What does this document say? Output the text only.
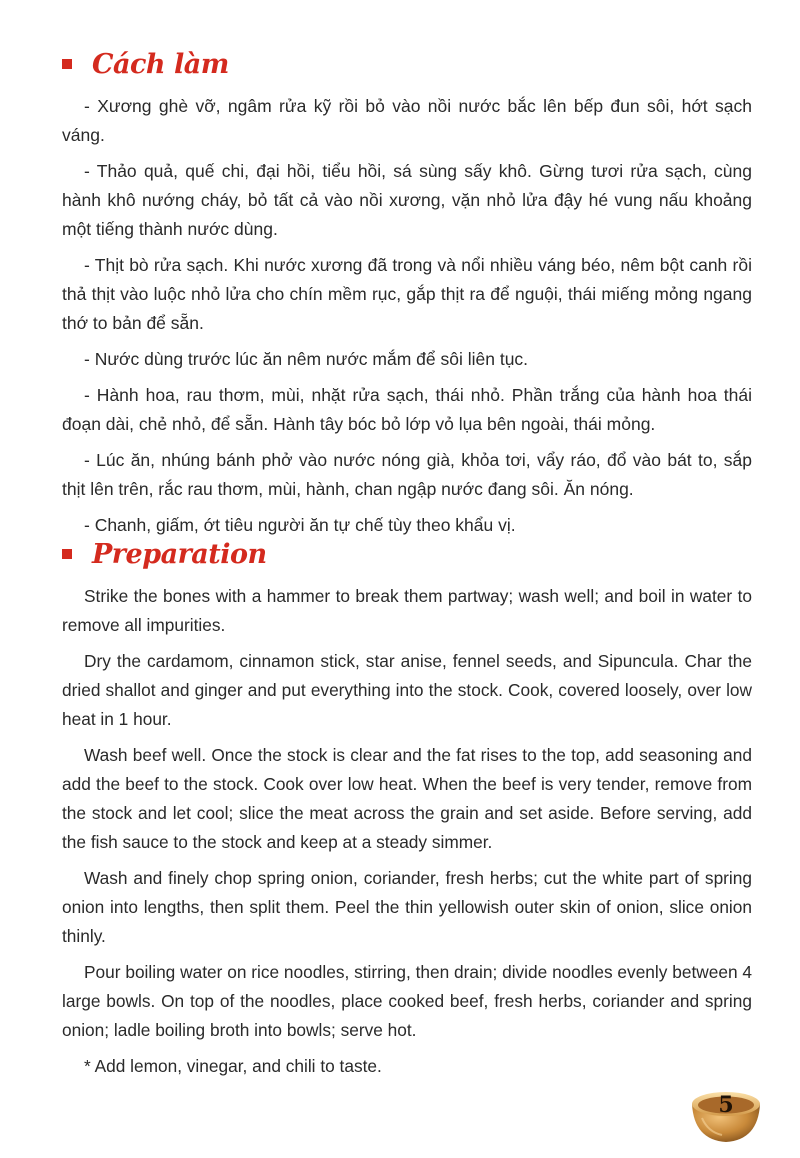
Cách làm

- Xương ghè vỡ, ngâm rửa kỹ rồi bỏ vào nồi nước bắc lên bếp đun sôi, hớt sạch váng.

- Thảo quả, quế chi, đại hồi, tiểu hồi, sá sùng sấy khô. Gừng tươi rửa sạch, cùng hành khô nướng cháy, bỏ tất cả vào nồi xương, vặn nhỏ lửa đậy hé vung nấu khoảng một tiếng thành nước dùng.

- Thịt bò rửa sạch. Khi nước xương đã trong và nổi nhiều váng béo, nêm bột canh rồi thả thịt vào luộc nhỏ lửa cho chín mềm rục, gắp thịt ra để nguội, thái miếng mỏng ngang thớ to bản để sẵn.

- Nước dùng trước lúc ăn nêm nước mắm để sôi liên tục.

- Hành hoa, rau thơm, mùi, nhặt rửa sạch, thái nhỏ. Phần trắng của hành hoa thái đoạn dài, chẻ nhỏ, để sẵn. Hành tây bóc bỏ lớp vỏ lụa bên ngoài, thái mỏng.

- Lúc ăn, nhúng bánh phở vào nước nóng già, khỏa tơi, vẩy ráo, đổ vào bát to, sắp thịt lên trên, rắc rau thơm, mùi, hành, chan ngập nước đang sôi. Ăn nóng.

- Chanh, giấm, ớt tiêu người ăn tự chế tùy theo khẩu vị.

Preparation

Strike the bones with a hammer to break them partway; wash well; and boil in water to remove all impurities.

Dry the cardamom, cinnamon stick, star anise, fennel seeds, and Sipuncula. Char the dried shallot and ginger and put everything into the stock. Cook, covered loosely, over low heat in 1 hour.

Wash beef well. Once the stock is clear and the fat rises to the top, add seasoning and add the beef to the stock. Cook over low heat. When the beef is very tender, remove from the stock and let cool; slice the meat across the grain and set aside. Before serving, add the fish sauce to the stock and keep at a steady simmer.

Wash and finely chop spring onion, coriander, fresh herbs; cut the white part of spring onion into lengths, then split them. Peel the thin yellowish outer skin of onion, slice onion thinly.

Pour boiling water on rice noodles, stirring, then drain; divide noodles evenly between 4 large bowls. On top of the noodles, place cooked beef, fresh herbs, coriander and spring onion; ladle boiling broth into bowls; serve hot.

* Add lemon, vinegar, and chili to taste.

5
